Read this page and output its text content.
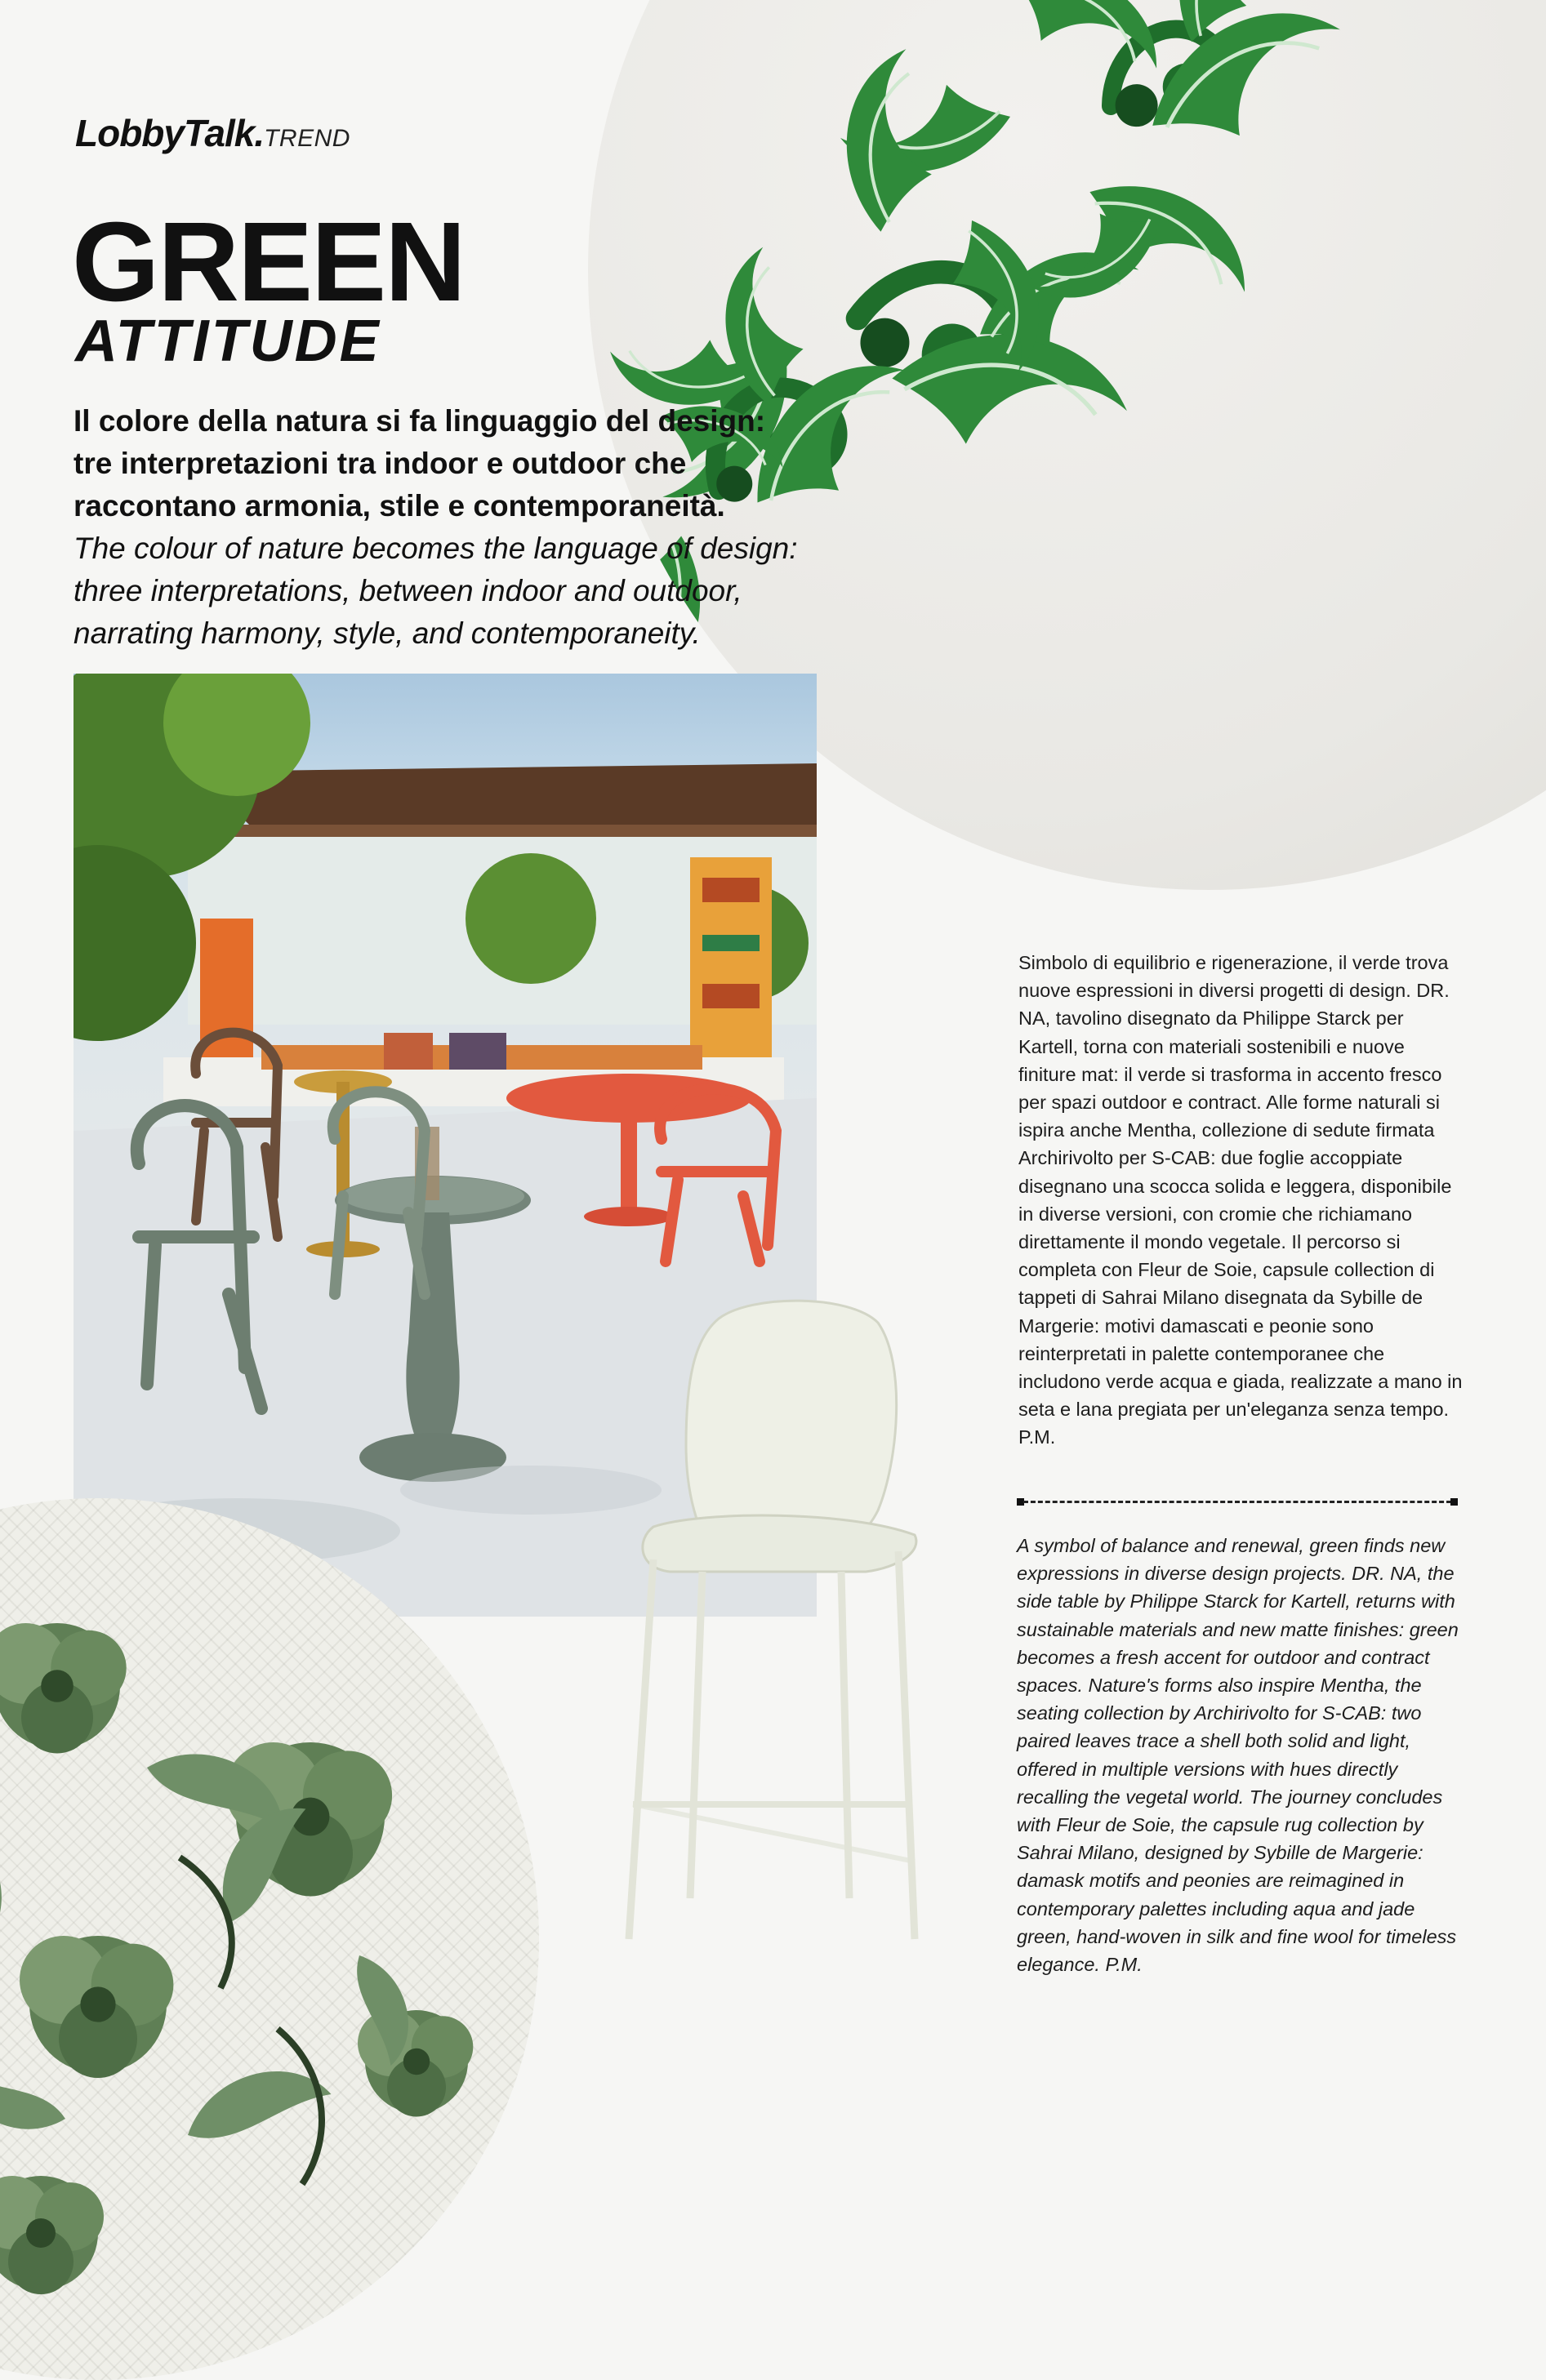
LobbyTalk.TREND
GREEN
ATTITUDE
Il colore della natura si fa linguaggio del design:
tre interpretazioni tra indoor e outdoor che
raccontano armonia, stile e contemporaneità.
The colour of nature becomes the language of design:
three interpretations, between indoor and outdoor,
narrating harmony, style, and contemporaneity.

Simbolo di equilibrio e rigenerazione, il verde trova nuove espressioni in diversi progetti di design. DR. NA, tavolino disegnato da Philippe Starck per Kartell, torna con materiali sostenibili e nuove finiture mat: il verde si trasforma in accento fresco per spazi outdoor e contract. Alle forme naturali si ispira anche Mentha, collezione di sedute firmata Archirivolto per S-CAB: due foglie accoppiate disegnano una scocca solida e leggera, disponibile in diverse versioni, con cromie che richiamano direttamente il mondo vegetale. Il percorso si completa con Fleur de Soie, capsule collection di tappeti di Sahrai Milano disegnata da Sybille de Margerie: motivi damascati e peonie sono reinterpretati in palette contemporanee che includono verde acqua e giada, realizzate a mano in seta e lana pregiata per un'eleganza senza tempo. P.M.

A symbol of balance and renewal, green finds new expressions in diverse design projects. DR. NA, the side table by Philippe Starck for Kartell, returns with sustainable materials and new matte finishes: green becomes a fresh accent for outdoor and contract spaces. Nature's forms also inspire Mentha, the seating collection by Archirivolto for S-CAB: two paired leaves trace a shell both solid and light, offered in multiple versions with hues directly recalling the vegetal world. The journey concludes with Fleur de Soie, the capsule rug collection by Sahrai Milano, designed by Sybille de Margerie: damask motifs and peonies are reimagined in contemporary palettes including aqua and jade green, hand-woven in silk and fine wool for timeless elegance. P.M.
